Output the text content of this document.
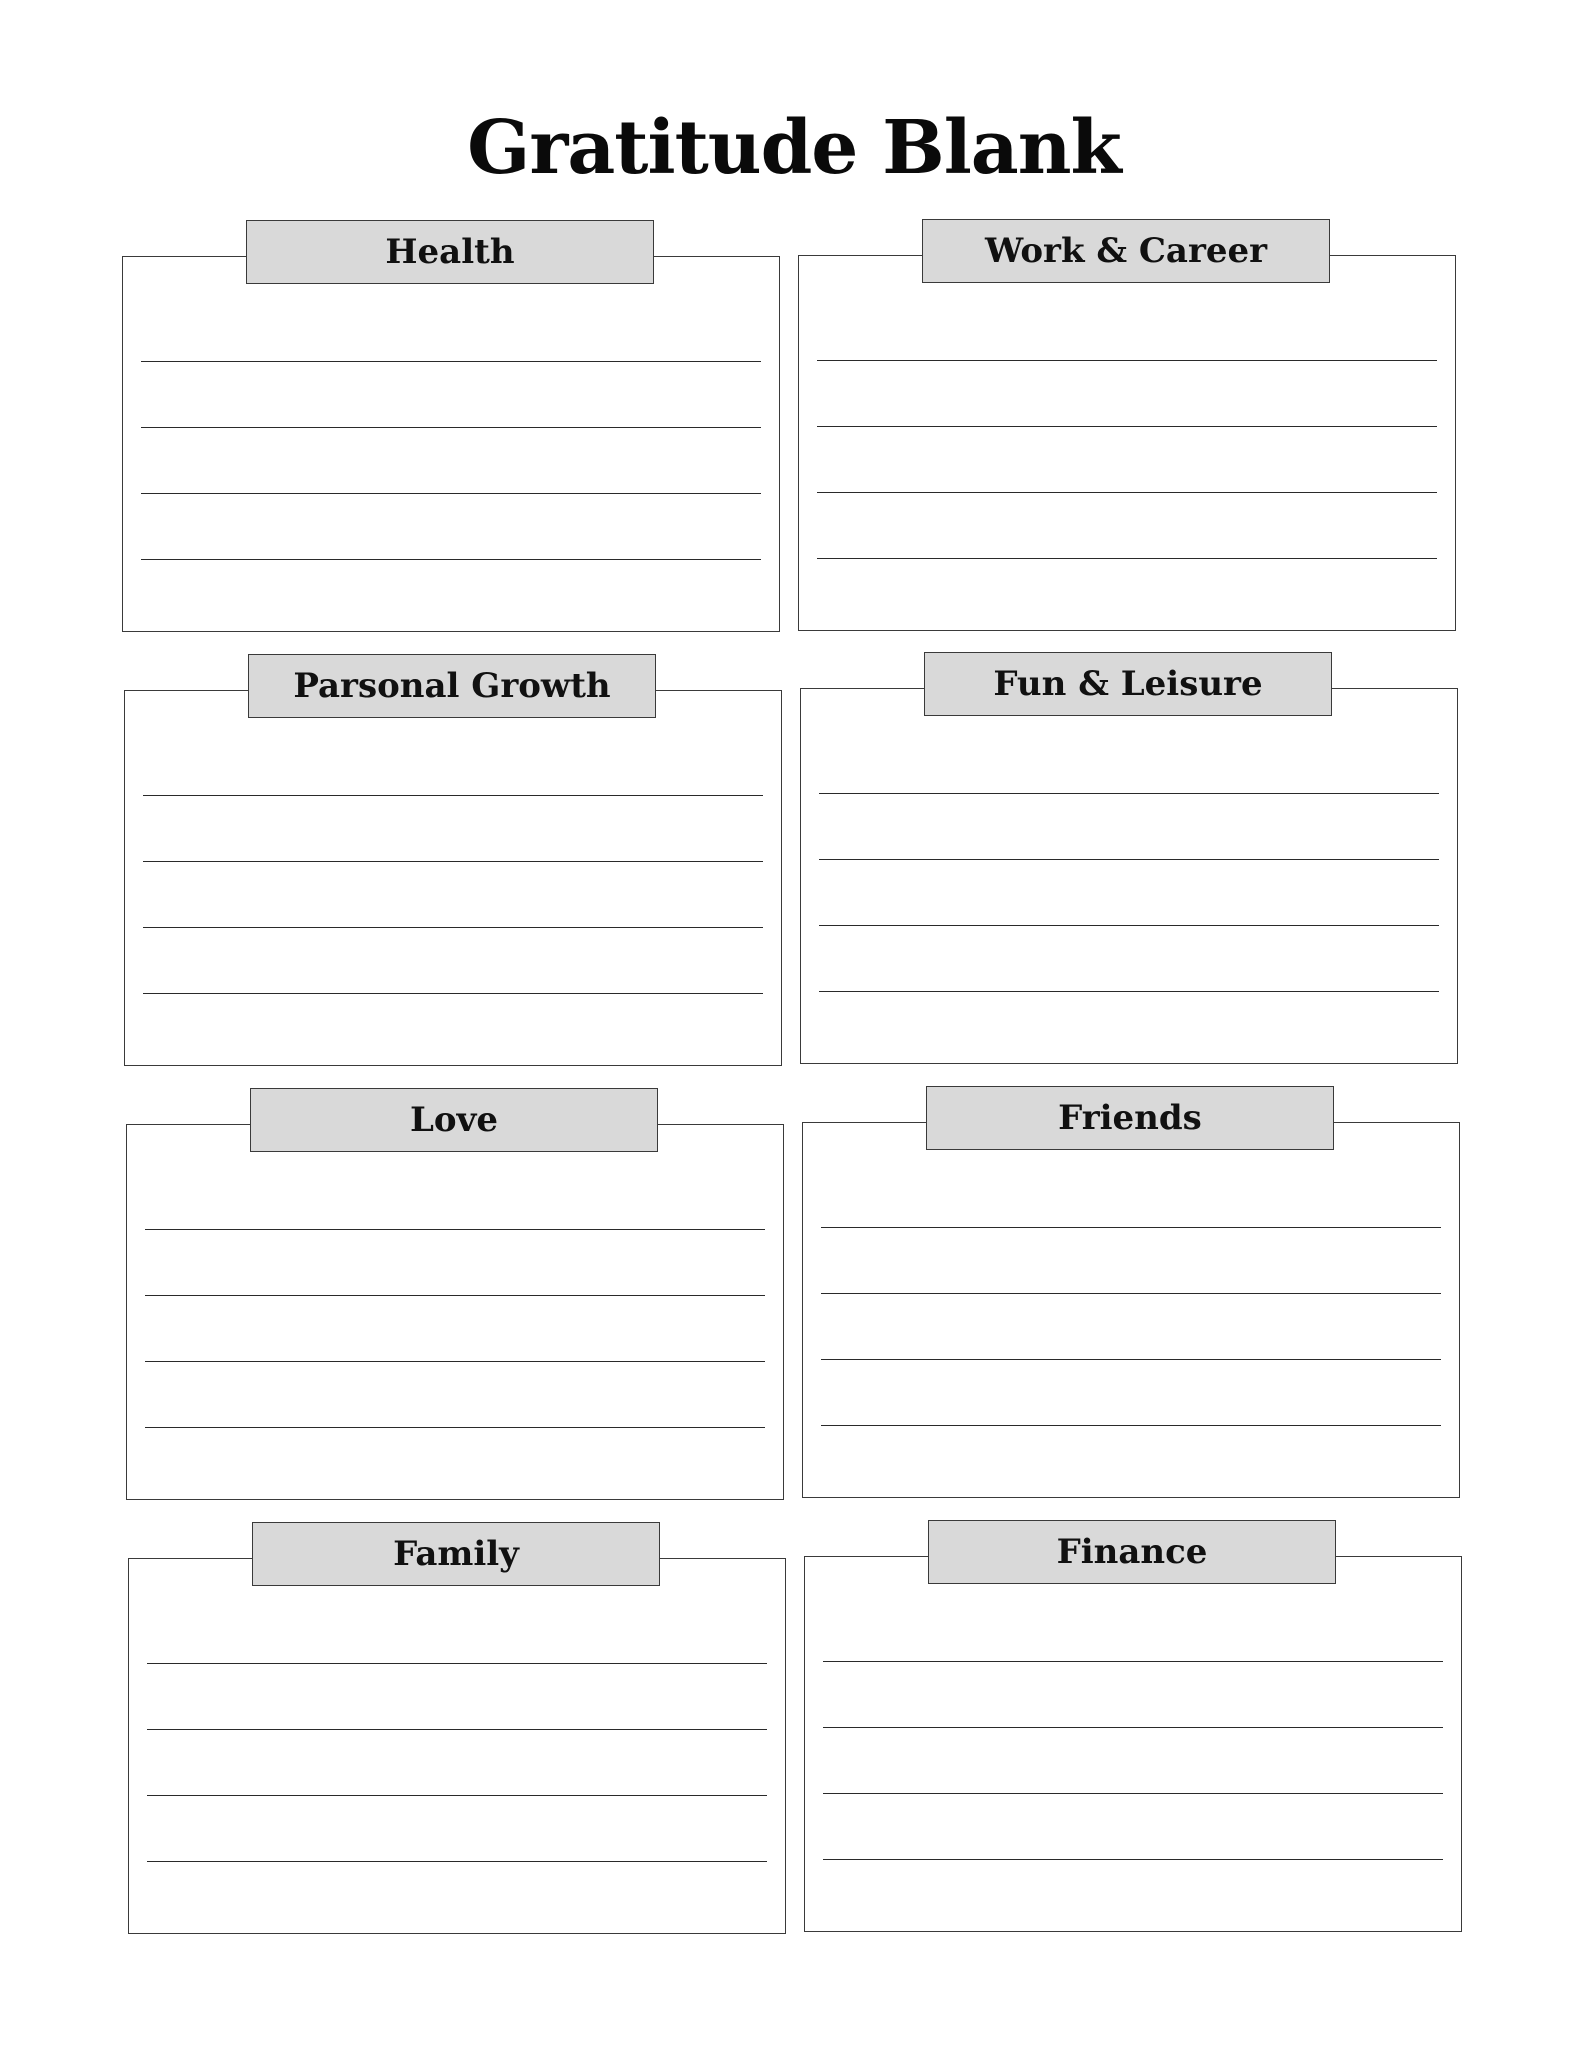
Gratitude Blank
Health	Work & Career
Parsonal Growth	Fun & Leisure
Love	Friends
Family	Finance
